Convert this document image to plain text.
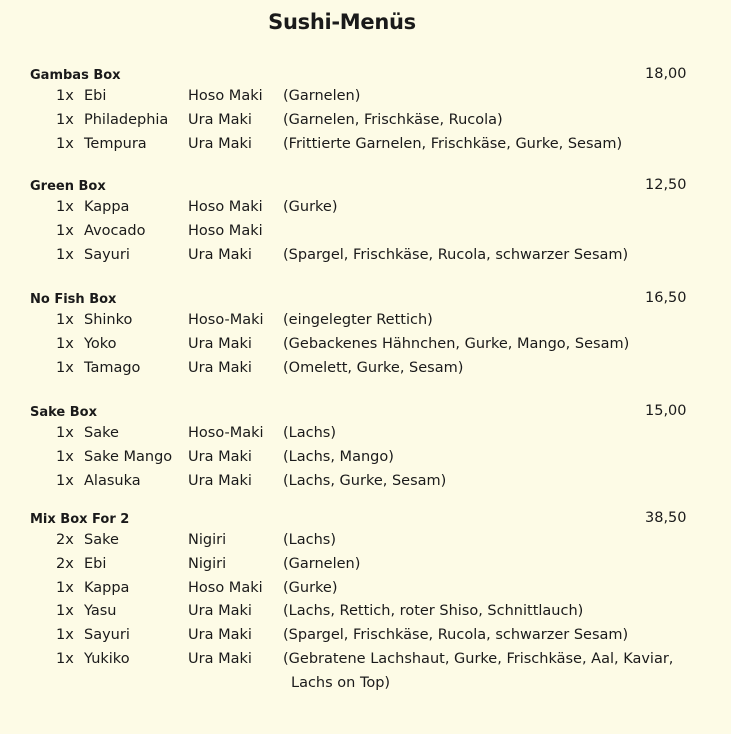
Sushi-Menüs
Gambas Box	18,00
1x Ebi	Hoso Maki (Garnelen)
1x Philadephia Ura Maki (Garnelen, Frischkäse, Rucola)
1x Tempura	Ura Maki (Frittierte Garnelen, Frischkäse, Gurke, Sesam)
Green Box	12,50
1x Kappa	Hoso Maki (Gurke)
1x Avocado	Hoso Maki
1x Sayuri	Ura Maki (Spargel, Frischkäse, Rucola, schwarzer Sesam)
No Fish Box	16,50
1x Shinko	Hoso-Maki (eingelegter Rettich)
1x Yoko	Ura Maki (Gebackenes Hähnchen, Gurke, Mango, Sesam)
1x Tamago	Ura Maki (Omelett, Gurke, Sesam)
Sake Box	15,00
1x Sake	Hoso-Maki (Lachs)
1x Sake Mango Ura Maki (Lachs, Mango)
1x Alasuka	Ura Maki (Lachs, Gurke, Sesam)
Mix Box For 2	38,50
2x Sake	Nigiri	(Lachs)
2x Ebi	Nigiri	(Garnelen)
1x Kappa	Hoso Maki (Gurke)
1x Yasu	Ura Maki (Lachs, Rettich, roter Shiso, Schnittlauch)
1x Sayuri	Ura Maki (Spargel, Frischkäse, Rucola, schwarzer Sesam)
1x Yukiko	Ura Maki (Gebratene Lachshaut, Gurke, Frischkäse, Aal, Kaviar,
Lachs on Top)
